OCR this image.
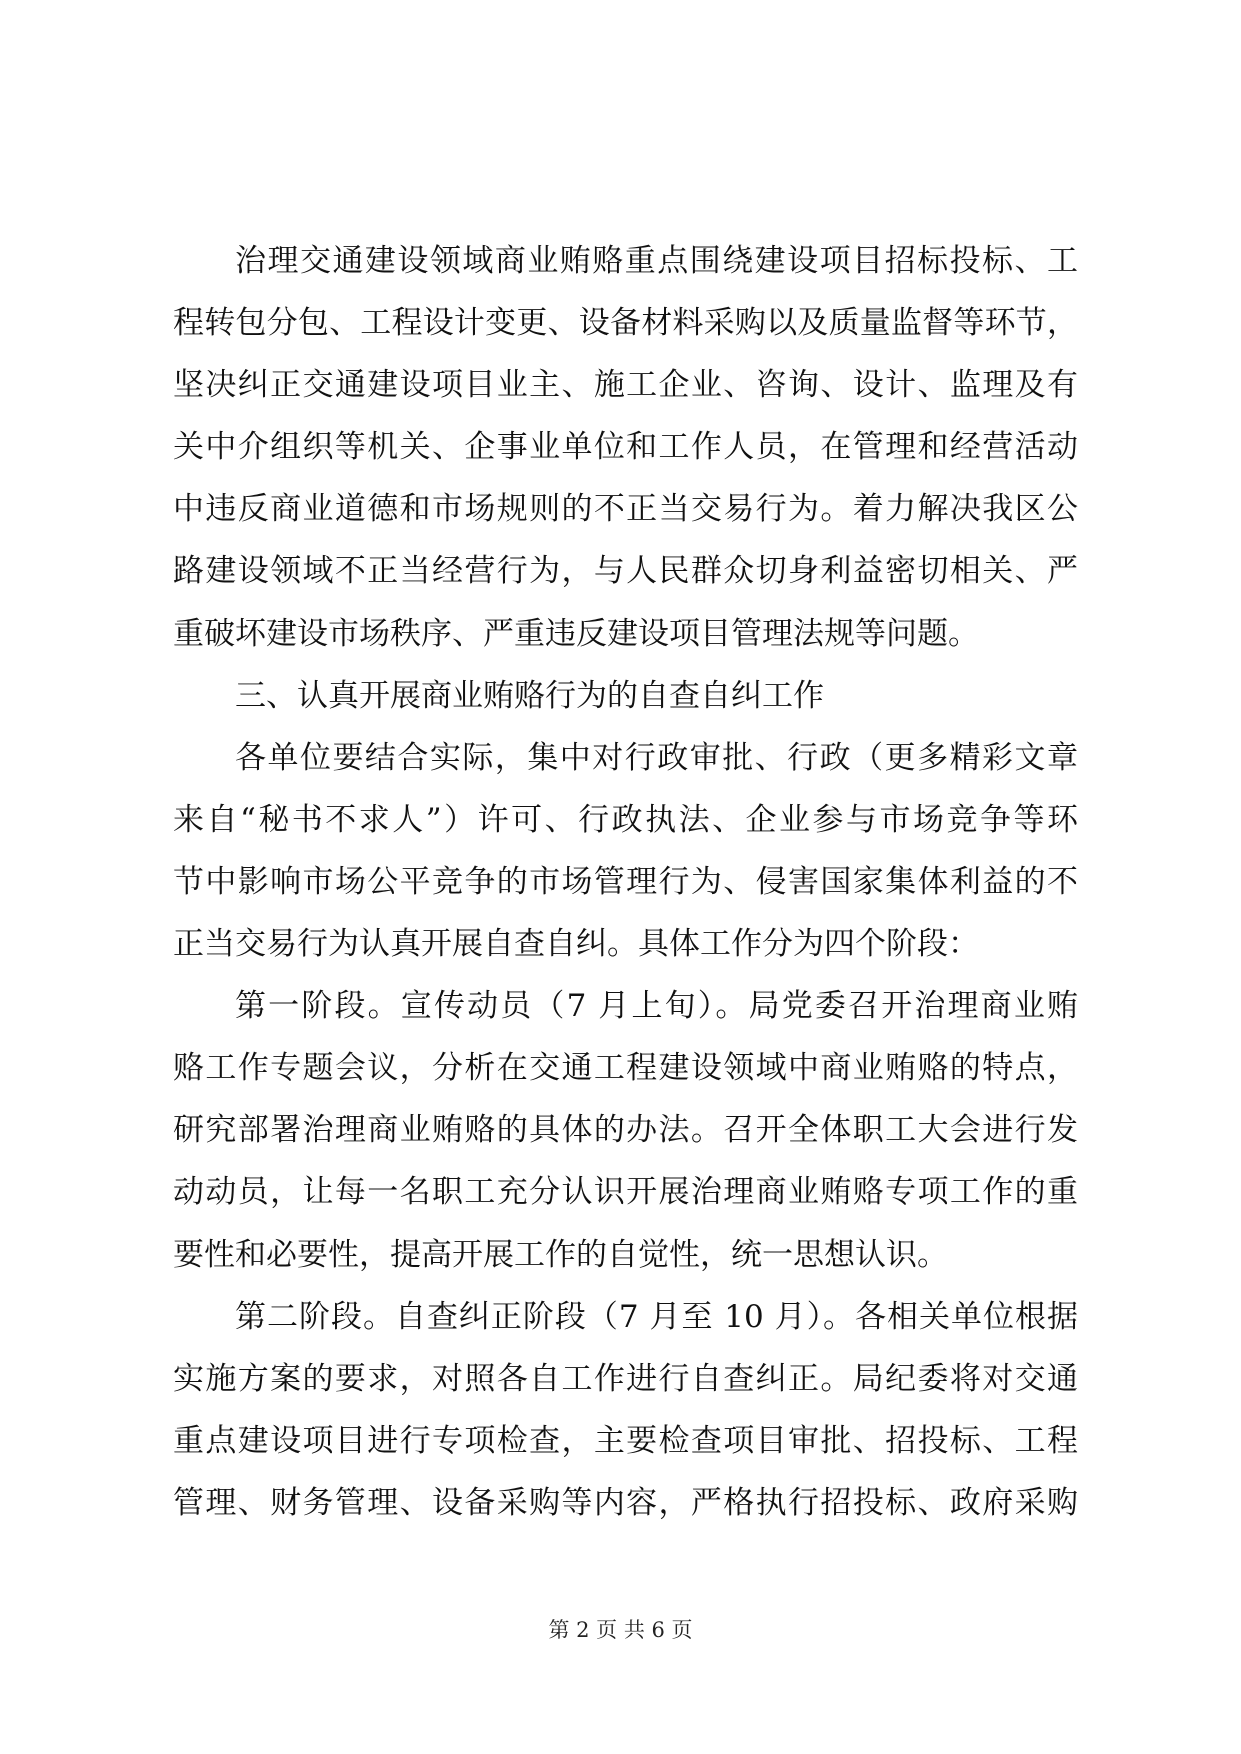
治理交通建设领域商业贿赂重点围绕建设项目招标投标、工
程转包分包、工程设计变更、设备材料采购以及质量监督等环节，
坚决纠正交通建设项目业主、施工企业、咨询、设计、监理及有
关中介组织等机关、企事业单位和工作人员，在管理和经营活动
中违反商业道德和市场规则的不正当交易行为。着力解决我区公
路建设领域不正当经营行为，与人民群众切身利益密切相关、严
重破坏建设市场秩序、严重违反建设项目管理法规等问题。
三、认真开展商业贿赂行为的自查自纠工作
各单位要结合实际，集中对行政审批、行政（更多精彩文章
来自“秘书不求人”）许可、行政执法、企业参与市场竞争等环
节中影响市场公平竞争的市场管理行为、侵害国家集体利益的不
正当交易行为认真开展自查自纠。具体工作分为四个阶段：
第一阶段。宣传动员（7 月上旬）。局党委召开治理商业贿
赂工作专题会议，分析在交通工程建设领域中商业贿赂的特点，
研究部署治理商业贿赂的具体的办法。召开全体职工大会进行发
动动员，让每一名职工充分认识开展治理商业贿赂专项工作的重
要性和必要性，提高开展工作的自觉性，统一思想认识。
第二阶段。自查纠正阶段（7 月至 10 月）。各相关单位根据
实施方案的要求，对照各自工作进行自查纠正。局纪委将对交通
重点建设项目进行专项检查，主要检查项目审批、招投标、工程
管理、财务管理、设备采购等内容，严格执行招投标、政府采购
第 2 页 共 6 页
